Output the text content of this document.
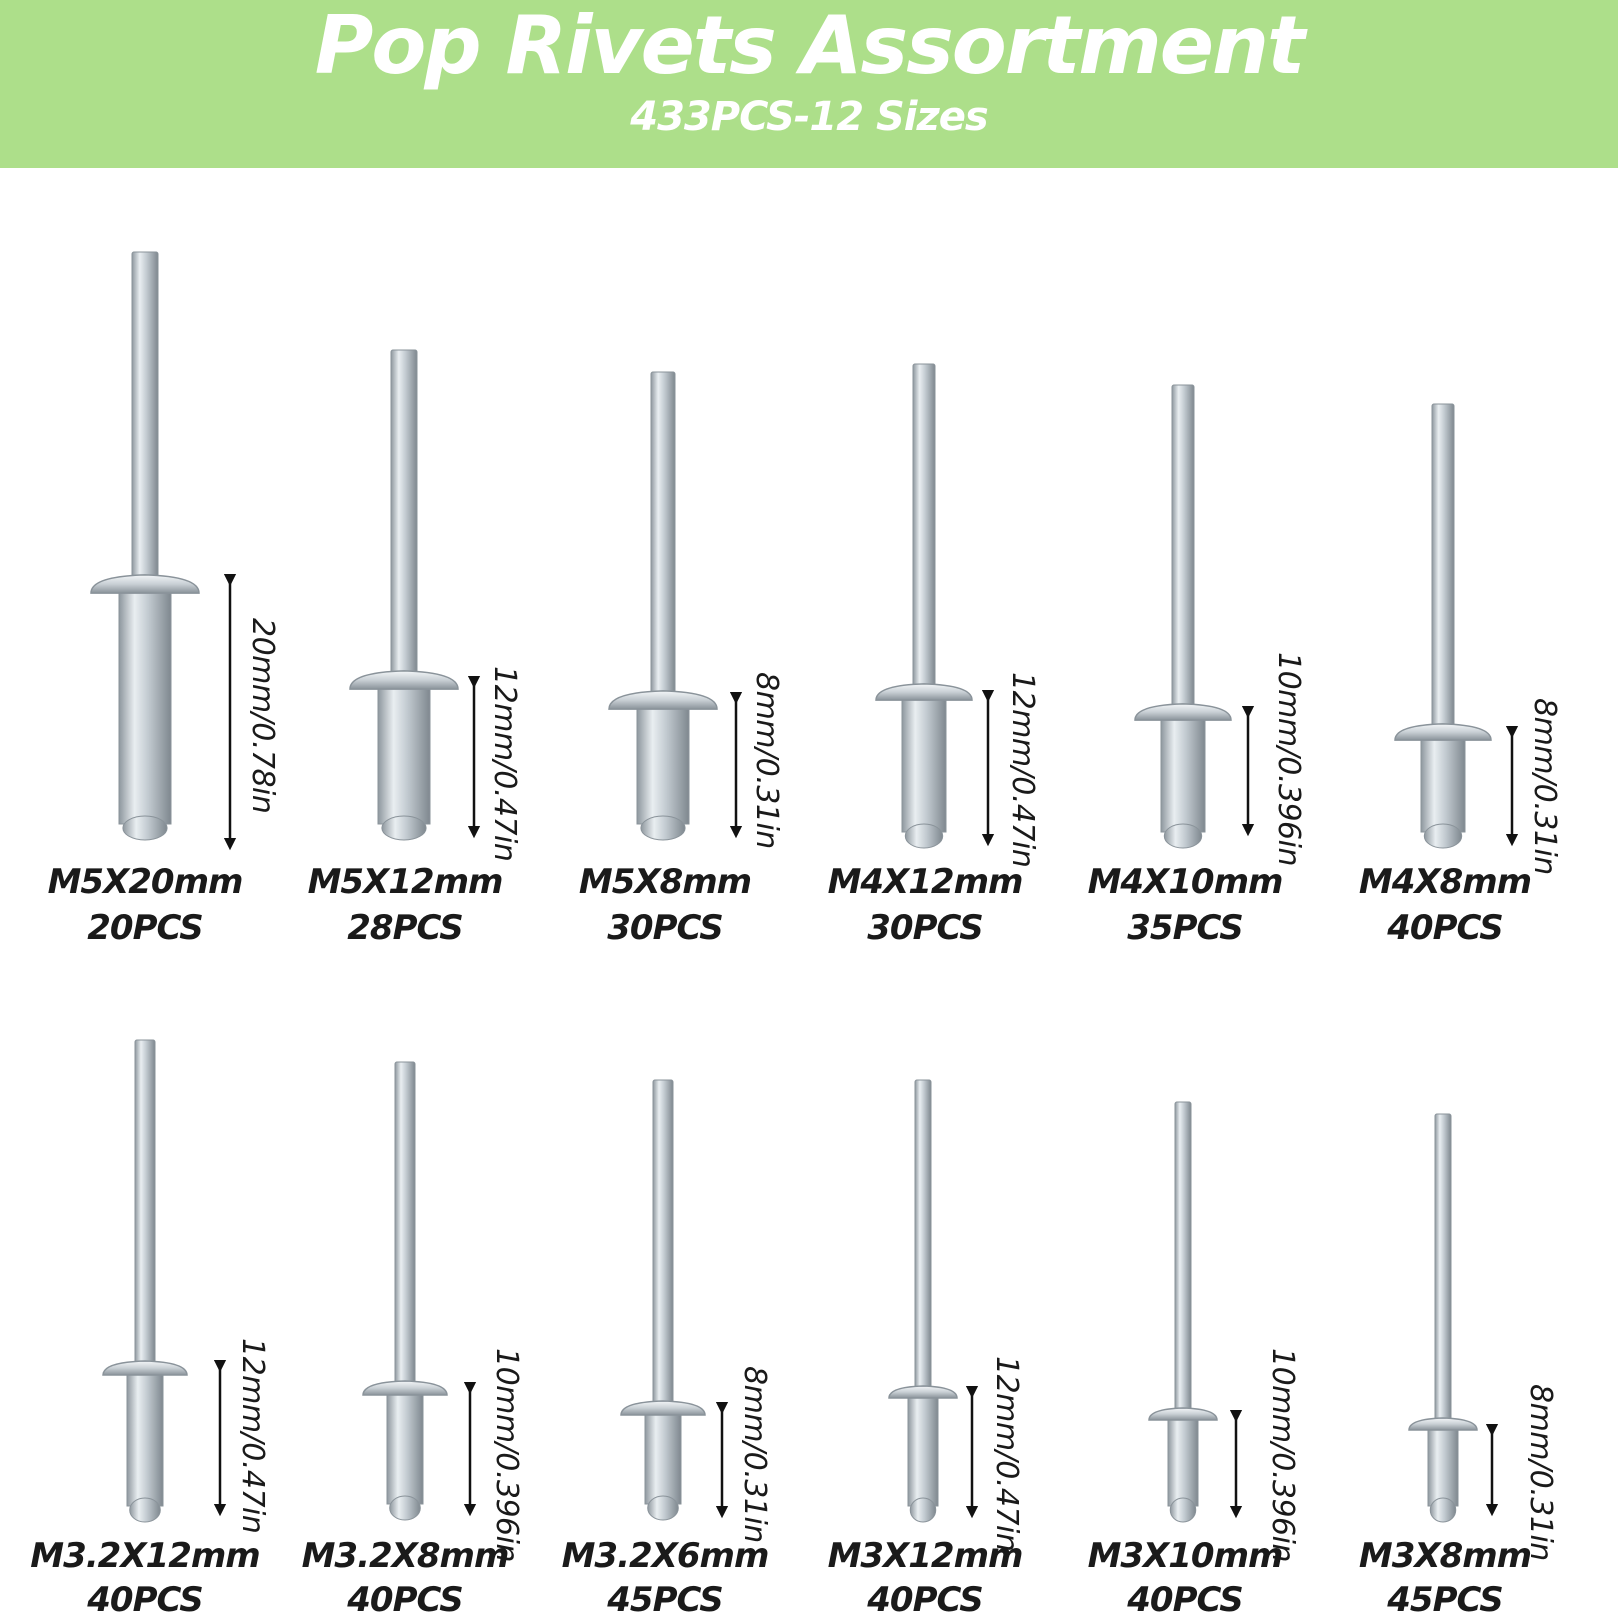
Pop Rivets Assortment
433PCS-12 Sizes
M5X20mm
20PCS
M5X12mm
28PCS
M5X8mm
30PCS
M4X12mm
30PCS
M4X10mm
35PCS
M4X8mm
40PCS
M3.2X12mm
40PCS
M3.2X8mm
40PCS
M3.2X6mm
45PCS
M3X12mm
40PCS
M3X10mm
40PCS
M3X8mm
45PCS
20mm/0.78in	12mm/0.47in	8mm/0.31in	12mm/0.47in	10mm/0.396in	8mm/0.31in
12mm/0.47in	10mm/0.396in	8mm/0.31in	12mm/0.47in	10mm/0.396in	8mm/0.31in
